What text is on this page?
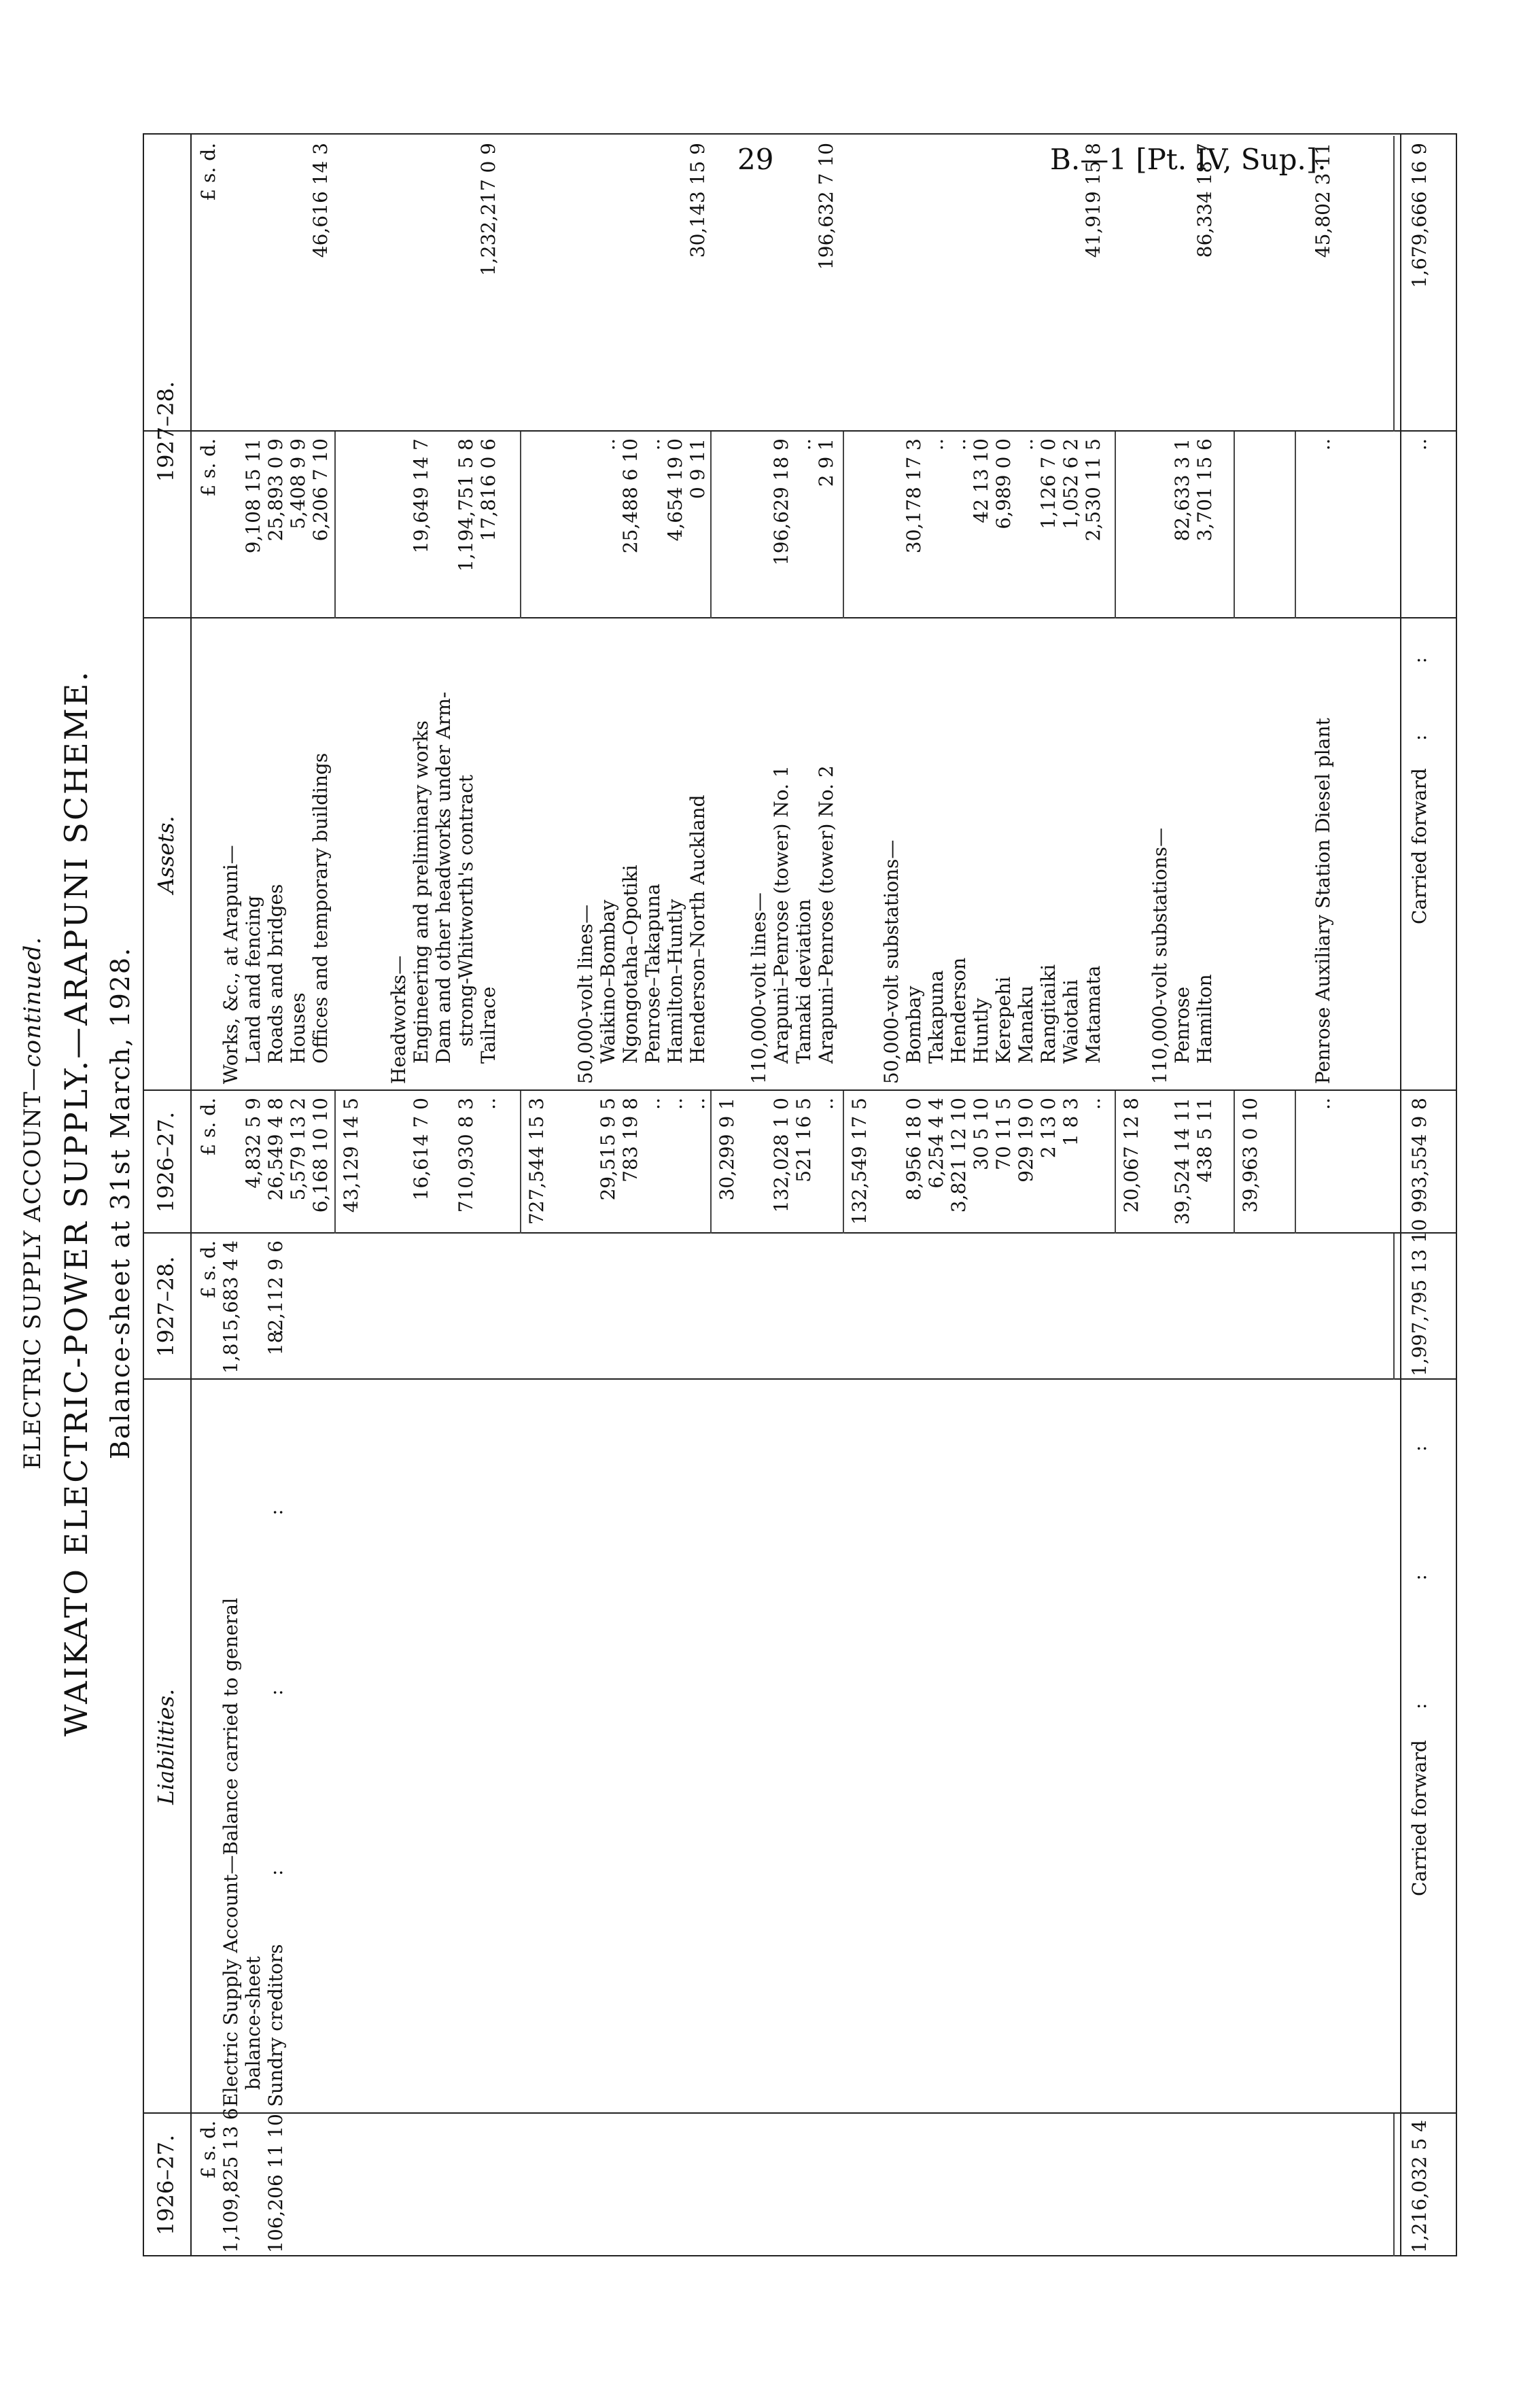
29	B.—1 [Pt. IV, Sup.].
ELECTRIC SUPPLY ACCOUNT—continued. WAIKATO ELECTRIC-POWER SUPPLY.—ARAPUNI SCHEME. Balance-sheet at 31st March, 1928.
1926–27.
Liabilities.
1927–28.
1926–27.
Assets.
1927–28.
£ s. d.
£ s. d.
£ s. d.
£ s. d.
£ s. d.
1,109,825 13 6
Electric Supply Account—Balance carried to general balance-sheet
1,815,683 4 4
106,206 11 10
Sundry creditors
:             :             :             :
182,112 9 6
1,216,032 5 4
Carried forward
:         :         :
1,997,795 13 10
Works, &c., at Arapuni— Land and fencing
4,832 5 9
9,108 15 11
Roads and bridges
26,549 4 8
25,893 0 9
Houses
5,579 13 2
5,408 9 9
Offices and temporary buildings
6,168 10 10
6,206 7 10
43,129 14 5
46,616 14 3
Headworks— Engineering and preliminary works
16,614 7 0
19,649 14 7
Dam and other headworks under Arm- strong-Whitworth's contract
710,930 8 3
1,194,751 5 8
Tailrace
..
17,816 0 6
727,544 15 3
1,232,217 0 9
50,000-volt lines— Waikino–Bombay
29,515 9 5
..
Ngongotaha–Opotiki
783 19 8
25,488 6 10
Penrose–Takapuna
..
..
Hamilton–Huntly
..
4,654 19 0
Henderson–North Auckland
..
0 9 11
30,299 9 1
30,143 15 9
110,000-volt lines— Arapuni–Penrose (tower) No. 1
132,028 1 0
196,629 18 9
Tamaki deviation
521 16 5
..
Arapuni–Penrose (tower) No. 2
..
2 9 1
132,549 17 5
196,632 7 10
50,000-volt substations— Bombay
8,956 18 0
30,178 17 3
Takapuna
6,254 4 4
..
Henderson
3,821 12 10
..
Huntly
30 5 10
42 13 10
Kerepehi
70 11 5
6,989 0 0
Manaku
929 19 0
..
Rangitaiki
2 13 0
1,126 7 0
Waiotahi
1 8 3
1,052 6 2
Matamata
..
2,530 11 5
20,067 12 8
41,919 15 8
110,000-volt substations— Penrose
39,524 14 11
82,633 3 1
Hamilton
438 5 11
3,701 15 6
39,963 0 10
86,334 18 7
Penrose Auxiliary Station Diesel plant
..
..
45,802 3 11
993,554 9 8
Carried forward
:     :
..
1,679,666 16 9
